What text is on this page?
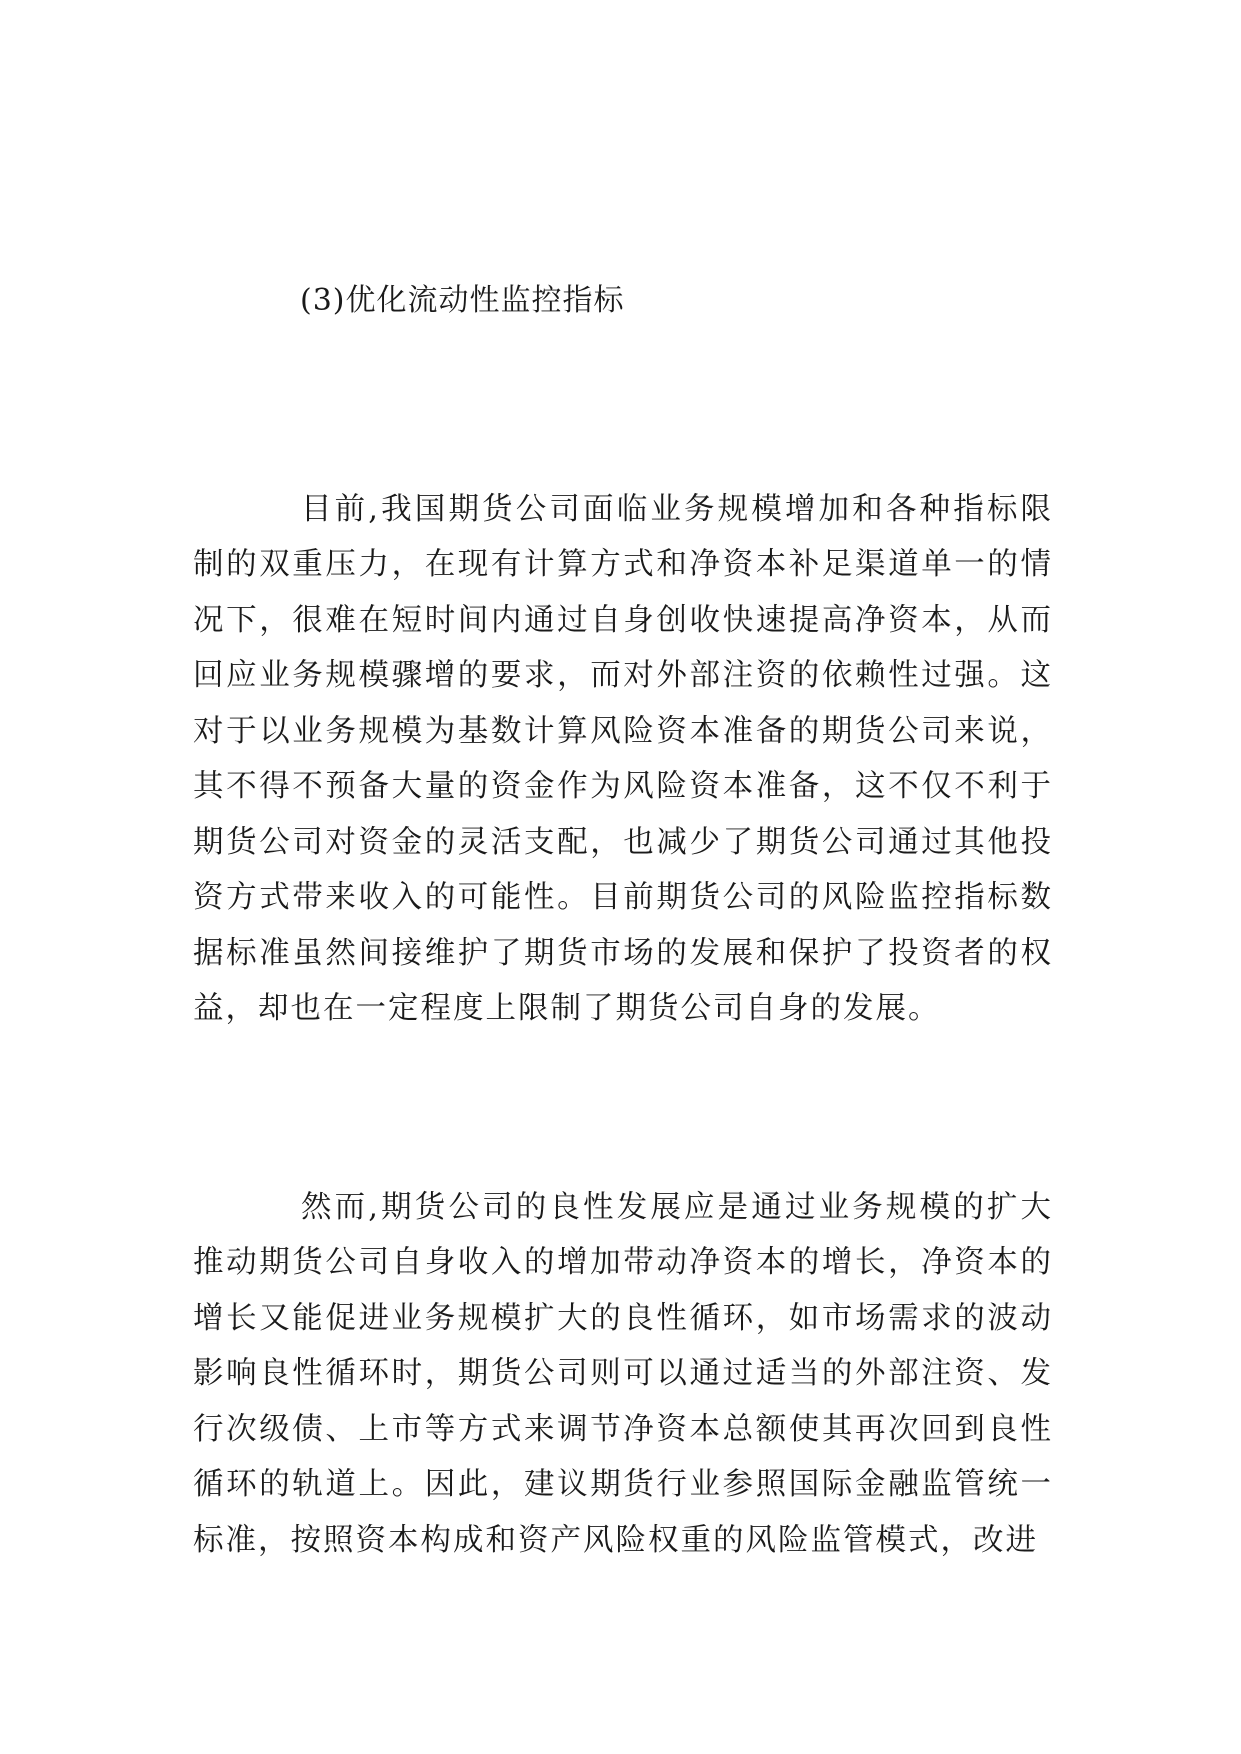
(3)优化流动性监控指标

目前,我国期货公司面临业务规模增加和各种指标限制的双重压力，在现有计算方式和净资本补足渠道单一的情况下，很难在短时间内通过自身创收快速提高净资本，从而回应业务规模骤增的要求，而对外部注资的依赖性过强。这对于以业务规模为基数计算风险资本准备的期货公司来说，其不得不预备大量的资金作为风险资本准备，这不仅不利于期货公司对资金的灵活支配，也减少了期货公司通过其他投资方式带来收入的可能性。目前期货公司的风险监控指标数据标准虽然间接维护了期货市场的发展和保护了投资者的权益，却也在一定程度上限制了期货公司自身的发展。

然而,期货公司的良性发展应是通过业务规模的扩大推动期货公司自身收入的增加带动净资本的增长，净资本的增长又能促进业务规模扩大的良性循环，如市场需求的波动影响良性循环时，期货公司则可以通过适当的外部注资、发行次级债、上市等方式来调节净资本总额使其再次回到良性循环的轨道上。因此，建议期货行业参照国际金融监管统一标准，按照资本构成和资产风险权重的风险监管模式，改进
